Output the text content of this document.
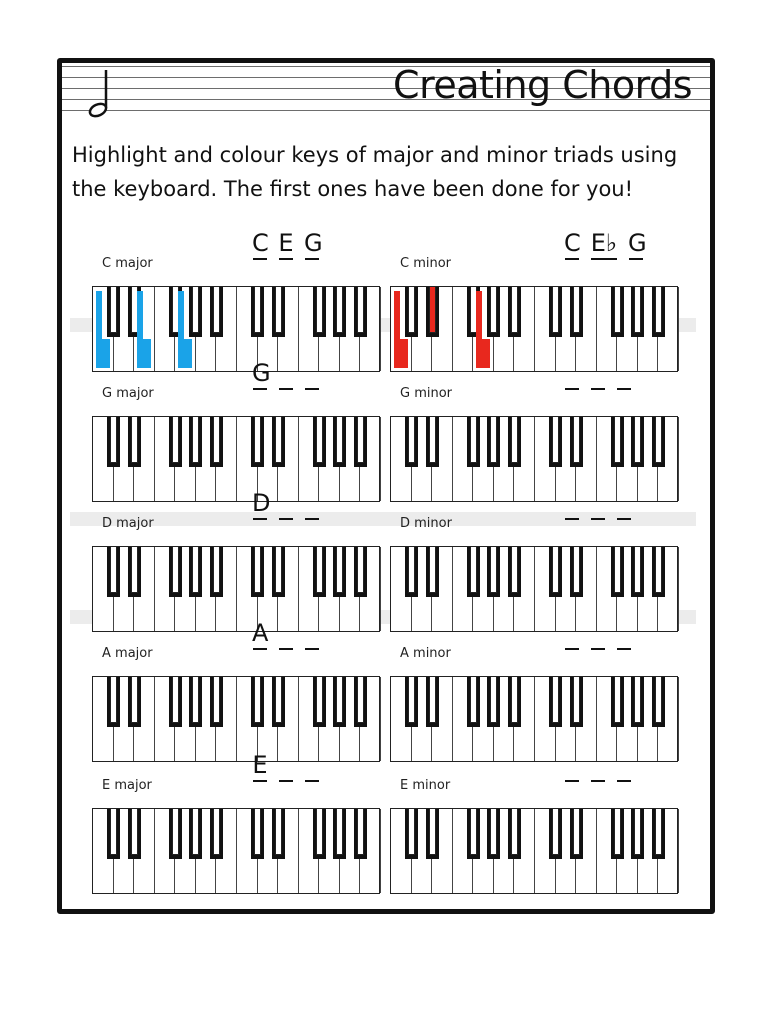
Creating Chords

Highlight and colour keys of major and minor triads using the keyboard. The first ones have been done for you!

C major
C E G
C minor
C E♭ G
G major
G
G minor
D major
D
D minor
A major
A
A minor
E major
E
E minor
